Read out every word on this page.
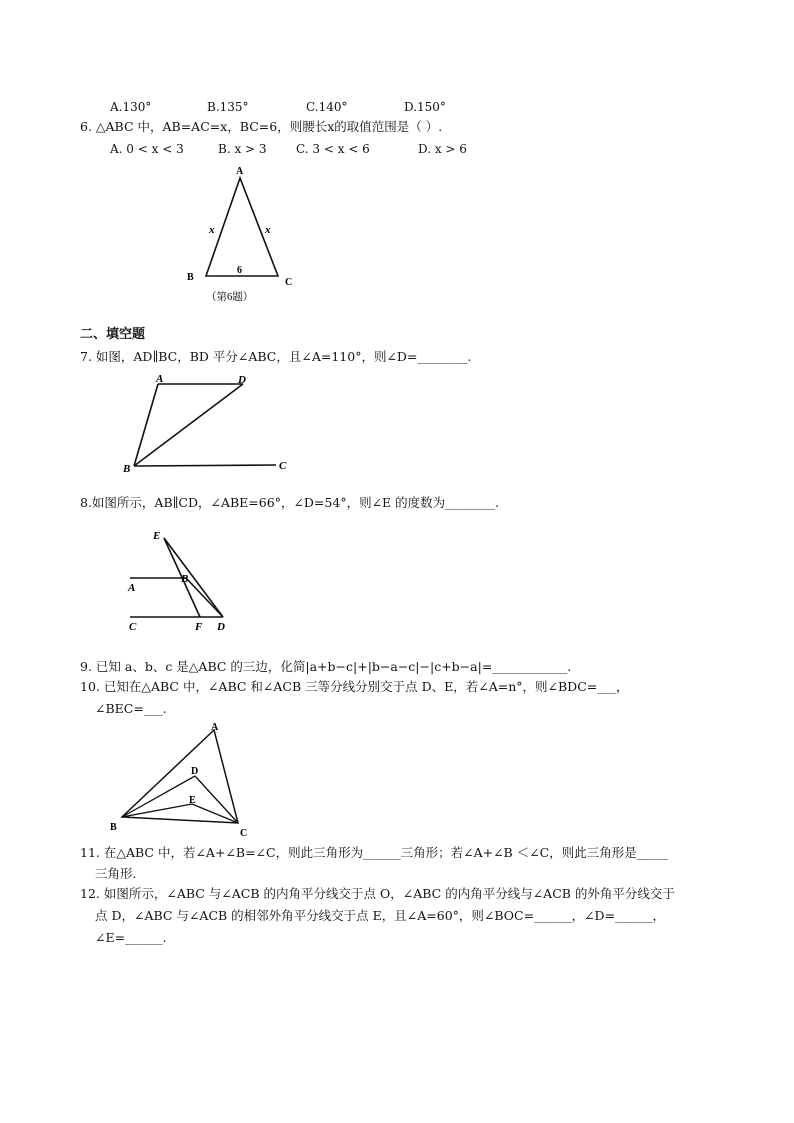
A.130°	B.135°	C.140°	D.150°
6. △ABC 中，AB=AC=x，BC=6，则腰长x的取值范围是（ ）.
A. 0 < x < 3	B. x > 3 C. 3 < x < 6	D. x > 6
A
B	C
x	x
6
（第6题）
二、填空题
7. 如图，AD∥BC，BD 平分∠ABC，且∠A=110°，则∠D=________.
A	D
B	C
8.如图所示，AB∥CD，∠ABE=66°，∠D=54°，则∠E 的度数为________.
E
B
A
C	F D
9. 已知 a、b、c 是△ABC 的三边，化简|a+b−c|+|b−a−c|−|c+b−a|=____________.
10. 已知在△ABC 中，∠ABC 和∠ACB 三等分线分别交于点 D、E，若∠A=n°，则∠BDC=___，
∠BEC=___.
A
D
E
B
C
11. 在△ABC 中，若∠A+∠B=∠C，则此三角形为______三角形；若∠A+∠B ＜∠C，则此三角形是_____
三角形.
12. 如图所示，∠ABC 与∠ACB 的内角平分线交于点 O，∠ABC 的内角平分线与∠ACB 的外角平分线交于
点 D，∠ABC 与∠ACB 的相邻外角平分线交于点 E，且∠A=60°，则∠BOC=______，∠D=______，
∠E=______.
